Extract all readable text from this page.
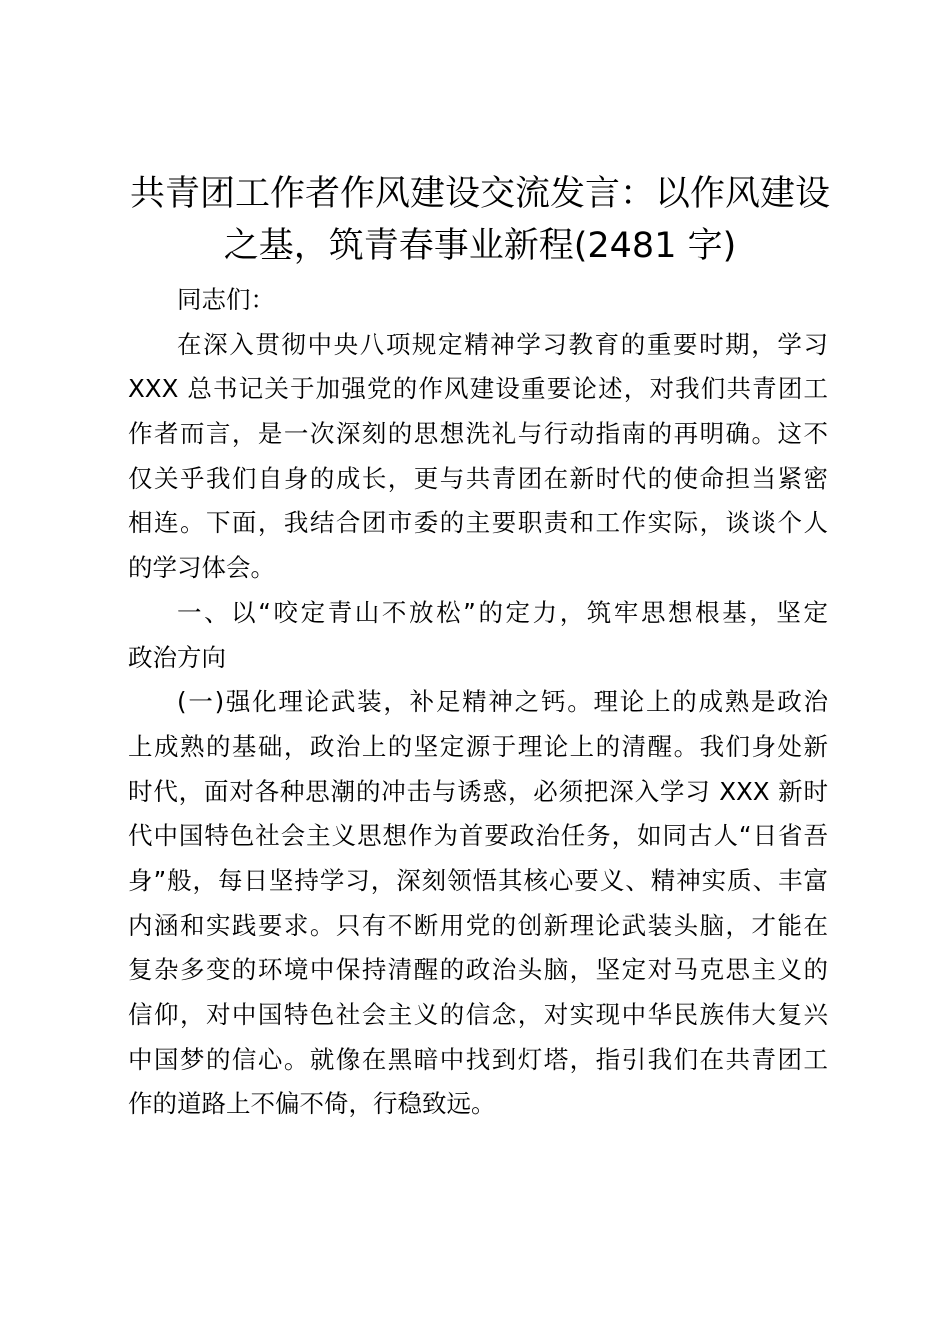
共青团工作者作风建设交流发言：以作风建设
之基，筑青春事业新程(2481 字)
同志们：
在深入贯彻中央八项规定精神学习教育的重要时期，学习
XXX 总书记关于加强党的作风建设重要论述，对我们共青团工
作者而言，是一次深刻的思想洗礼与行动指南的再明确。这不
仅关乎我们自身的成长，更与共青团在新时代的使命担当紧密
相连。下面，我结合团市委的主要职责和工作实际，谈谈个人
的学习体会。
一、以“咬定青山不放松”的定力，筑牢思想根基，坚定
政治方向
(一)强化理论武装，补足精神之钙。理论上的成熟是政治
上成熟的基础，政治上的坚定源于理论上的清醒。我们身处新
时代，面对各种思潮的冲击与诱惑，必须把深入学习 XXX 新时
代中国特色社会主义思想作为首要政治任务，如同古人“日省吾
身”般，每日坚持学习，深刻领悟其核心要义、精神实质、丰富
内涵和实践要求。只有不断用党的创新理论武装头脑，才能在
复杂多变的环境中保持清醒的政治头脑，坚定对马克思主义的
信仰，对中国特色社会主义的信念，对实现中华民族伟大复兴
中国梦的信心。就像在黑暗中找到灯塔，指引我们在共青团工
作的道路上不偏不倚，行稳致远。
